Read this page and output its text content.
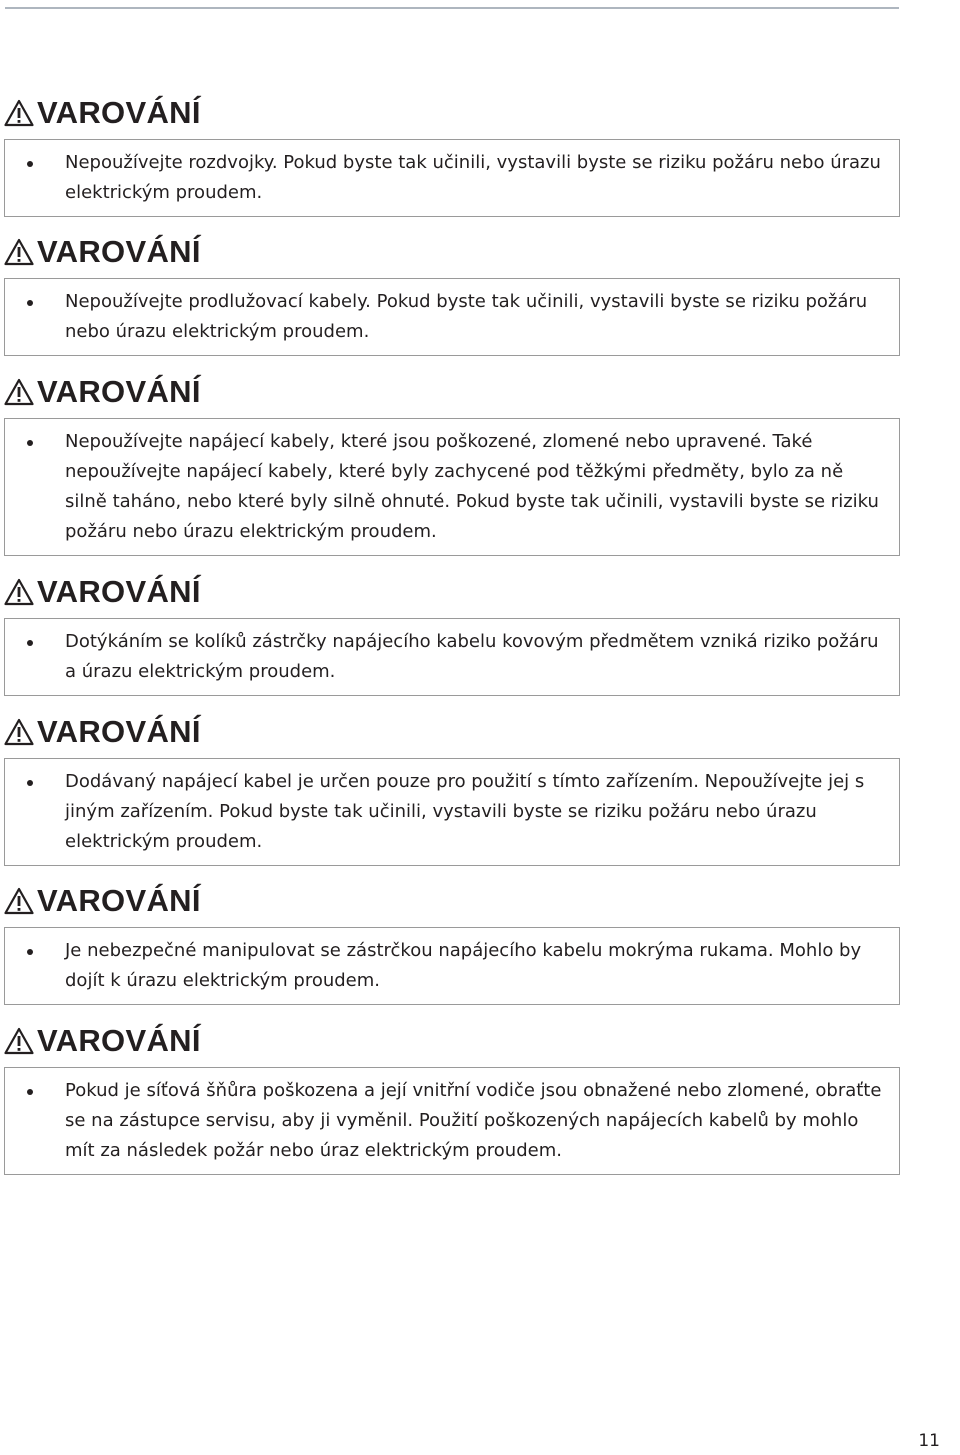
VAROVÁNÍ
Nepoužívejte rozdvojky. Pokud byste tak učinili, vystavili byste se riziku požáru nebo úrazu elektrickým proudem.
VAROVÁNÍ
Nepoužívejte prodlužovací kabely. Pokud byste tak učinili, vystavili byste se riziku požáru nebo úrazu elektrickým proudem.
VAROVÁNÍ
Nepoužívejte napájecí kabely, které jsou poškozené, zlomené nebo upravené. Také nepoužívejte napájecí kabely, které byly zachycené pod těžkými předměty, bylo za ně silně taháno, nebo které byly silně ohnuté. Pokud byste tak učinili, vystavili byste se riziku požáru nebo úrazu elektrickým proudem.
VAROVÁNÍ
Dotýkáním se kolíků zástrčky napájecího kabelu kovovým předmětem vzniká riziko požáru a úrazu elektrickým proudem.
VAROVÁNÍ
Dodávaný napájecí kabel je určen pouze pro použití s tímto zařízením. Nepoužívejte jej s jiným zařízením. Pokud byste tak učinili, vystavili byste se riziku požáru nebo úrazu elektrickým proudem.
VAROVÁNÍ
Je nebezpečné manipulovat se zástrčkou napájecího kabelu mokrýma rukama. Mohlo by dojít k úrazu elektrickým proudem.
VAROVÁNÍ
Pokud je síťová šňůra poškozena a její vnitřní vodiče jsou obnažené nebo zlomené, obraťte se na zástupce servisu, aby ji vyměnil. Použití poškozených napájecích kabelů by mohlo mít za následek požár nebo úraz elektrickým proudem.
11
